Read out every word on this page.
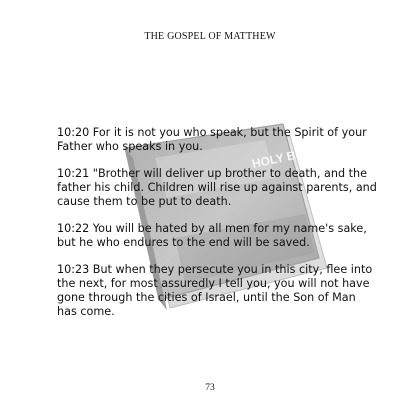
THE GOSPEL OF MATTHEW
HOLY B

10:20 For it is not you who speak, but the Spirit of your Father who speaks in you.

10:21 "Brother will deliver up brother to death, and the father his child. Children will rise up against parents, and cause them to be put to death.

10:22 You will be hated by all men for my name's sake, but he who endures to the end will be saved.

10:23 But when they persecute you in this city, flee into the next, for most assuredly I tell you, you will not have gone through the cities of Israel, until the Son of Man has come.

73
